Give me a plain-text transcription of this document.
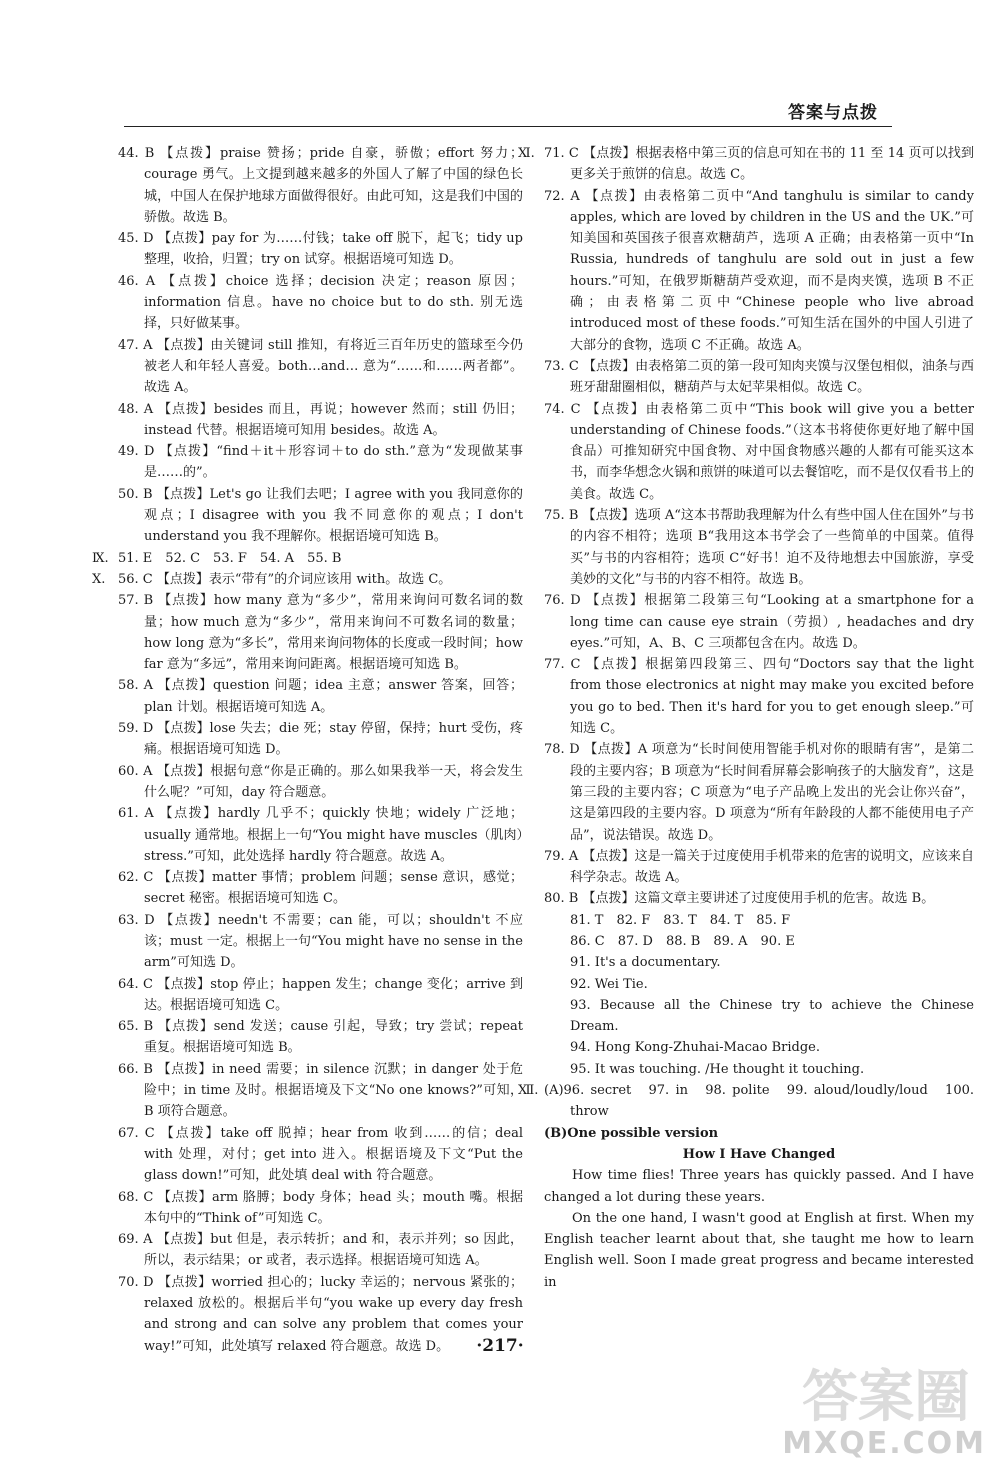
答案与点拨

44. B 【点拨】praise 赞扬；pride 自豪，骄傲；effort 努力；courage 勇气。上文提到越来越多的外国人了解了中国的绿色长城，中国人在保护地球方面做得很好。由此可知，这是我们中国的骄傲。故选 B。

45. D 【点拨】pay for 为……付钱；take off 脱下，起飞；tidy up 整理，收拾，归置；try on 试穿。根据语境可知选 D。

46. A 【点拨】choice 选择；decision 决定；reason 原因；information 信息。have no choice but to do sth. 别无选择，只好做某事。

47. A 【点拨】由关键词 still 推知，有将近三百年历史的篮球至今仍被老人和年轻人喜爱。both…and… 意为“……和……两者都”。故选 A。

48. A 【点拨】besides 而且，再说；however 然而；still 仍旧；instead 代替。根据语境可知用 besides。故选 A。

49. D 【点拨】“find＋it＋形容词＋to do sth.”意为“发现做某事是……的”。

50. B 【点拨】Let's go 让我们去吧；I agree with you 我同意你的观点；I disagree with you 我不同意你的观点；I don't understand you 我不理解你。根据语境可知选 B。

Ⅸ. 51. E　52. C　53. F　54. A　55. B

Ⅹ. 56. C 【点拨】表示“带有”的介词应该用 with。故选 C。

57. B 【点拨】how many 意为“多少”，常用来询问可数名词的数量；how much 意为“多少”，常用来询问不可数名词的数量；how long 意为“多长”，常用来询问物体的长度或一段时间；how far 意为“多远”，常用来询问距离。根据语境可知选 B。

58. A 【点拨】question 问题；idea 主意；answer 答案，回答；plan 计划。根据语境可知选 A。

59. D 【点拨】lose 失去；die 死；stay 停留，保持；hurt 受伤，疼痛。根据语境可知选 D。

60. A 【点拨】根据句意“你是正确的。那么如果我举一天，将会发生什么呢？”可知，day 符合题意。

61. A 【点拨】hardly 几乎不；quickly 快地；widely 广泛地；usually 通常地。根据上一句“You might have muscles（肌肉）stress.”可知，此处选择 hardly 符合题意。故选 A。

62. C 【点拨】matter 事情；problem 问题；sense 意识，感觉；secret 秘密。根据语境可知选 C。

63. D 【点拨】needn't 不需要；can 能，可以；shouldn't 不应该；must 一定。根据上一句“You might have no sense in the arm”可知选 D。

64. C 【点拨】stop 停止；happen 发生；change 变化；arrive 到达。根据语境可知选 C。

65. B 【点拨】send 发送；cause 引起，导致；try 尝试；repeat 重复。根据语境可知选 B。

66. B 【点拨】in need 需要；in silence 沉默；in danger 处于危险中；in time 及时。根据语境及下文“No one knows?”可知，B 项符合题意。

67. C 【点拨】take off 脱掉；hear from 收到……的信；deal with 处理，对付；get into 进入。根据语境及下文“Put the glass down!”可知，此处填 deal with 符合题意。

68. C 【点拨】arm 胳膊；body 身体；head 头；mouth 嘴。根据本句中的“Think of”可知选 C。

69. A 【点拨】but 但是，表示转折；and 和，表示并列；so 因此，所以，表示结果；or 或者，表示选择。根据语境可知选 A。

70. D 【点拨】worried 担心的；lucky 幸运的；nervous 紧张的；relaxed 放松的。根据后半句“you wake up every day fresh and strong and can solve any problem that comes your way!”可知，此处填写 relaxed 符合题意。故选 D。

Ⅺ. 71. C 【点拨】根据表格中第三页的信息可知在书的 11 至 14 页可以找到更多关于煎饼的信息。故选 C。

72. A 【点拨】由表格第二页中“And tanghulu is similar to candy apples, which are loved by children in the US and the UK.”可知美国和英国孩子很喜欢糖葫芦，选项 A 正确；由表格第一页中“In Russia, hundreds of tanghulu are sold out in just a few hours.”可知，在俄罗斯糖葫芦受欢迎，而不是肉夹馍，选项 B 不正确；由表格第二页中“Chinese people who live abroad introduced most of these foods.”可知生活在国外的中国人引进了大部分的食物，选项 C 不正确。故选 A。

73. C 【点拨】由表格第二页的第一段可知肉夹馍与汉堡包相似，油条与西班牙甜甜圈相似，糖葫芦与太妃苹果相似。故选 C。

74. C 【点拨】由表格第二页中“This book will give you a better understanding of Chinese foods.”（这本书将使你更好地了解中国食品）可推知研究中国食物、对中国食物感兴趣的人都有可能买这本书，而李华想念火锅和煎饼的味道可以去餐馆吃，而不是仅仅看书上的美食。故选 C。

75. B 【点拨】选项 A“这本书帮助我理解为什么有些中国人住在国外”与书的内容不相符；选项 B“我用这本书学会了一些简单的中国菜。值得买”与书的内容相符；选项 C“好书！迫不及待地想去中国旅游，享受美妙的文化”与书的内容不相符。故选 B。

76. D 【点拨】根据第二段第三句“Looking at a smartphone for a long time can cause eye strain（劳损）, headaches and dry eyes.”可知，A、B、C 三项都包含在内。故选 D。

77. C 【点拨】根据第四段第三、四句“Doctors say that the light from those electronics at night may make you excited before you go to bed. Then it's hard for you to get enough sleep.”可知选 C。

78. D 【点拨】A 项意为“长时间使用智能手机对你的眼睛有害”，是第二段的主要内容；B 项意为“长时间看屏幕会影响孩子的大脑发育”，这是第三段的主要内容；C 项意为“电子产品晚上发出的光会让你兴奋”，这是第四段的主要内容。D 项意为“所有年龄段的人都不能使用电子产品”，说法错误。故选 D。

79. A 【点拨】这是一篇关于过度使用手机带来的危害的说明文，应该来自科学杂志。故选 A。

80. B 【点拨】这篇文章主要讲述了过度使用手机的危害。故选 B。

81. T　82. F　83. T　84. T　85. F

86. C　87. D　88. B　89. A　90. E

91. It's a documentary.

92. Wei Tie.

93. Because all the Chinese try to achieve the Chinese Dream.

94. Hong Kong-Zhuhai-Macao Bridge.

95. It was touching. /He thought it touching.

Ⅻ. (A)96. secret　97. in　98. polite　99. aloud/loudly/loud　100. throw

(B)One possible version

How I Have Changed

How time flies! Three years has quickly passed. And I have changed a lot during these years.

On the one hand, I wasn't good at English at first. When my English teacher learnt about that, she taught me how to learn English well. Soon I made great progress and became interested in

·217·
答案圈
MXQE.COM
